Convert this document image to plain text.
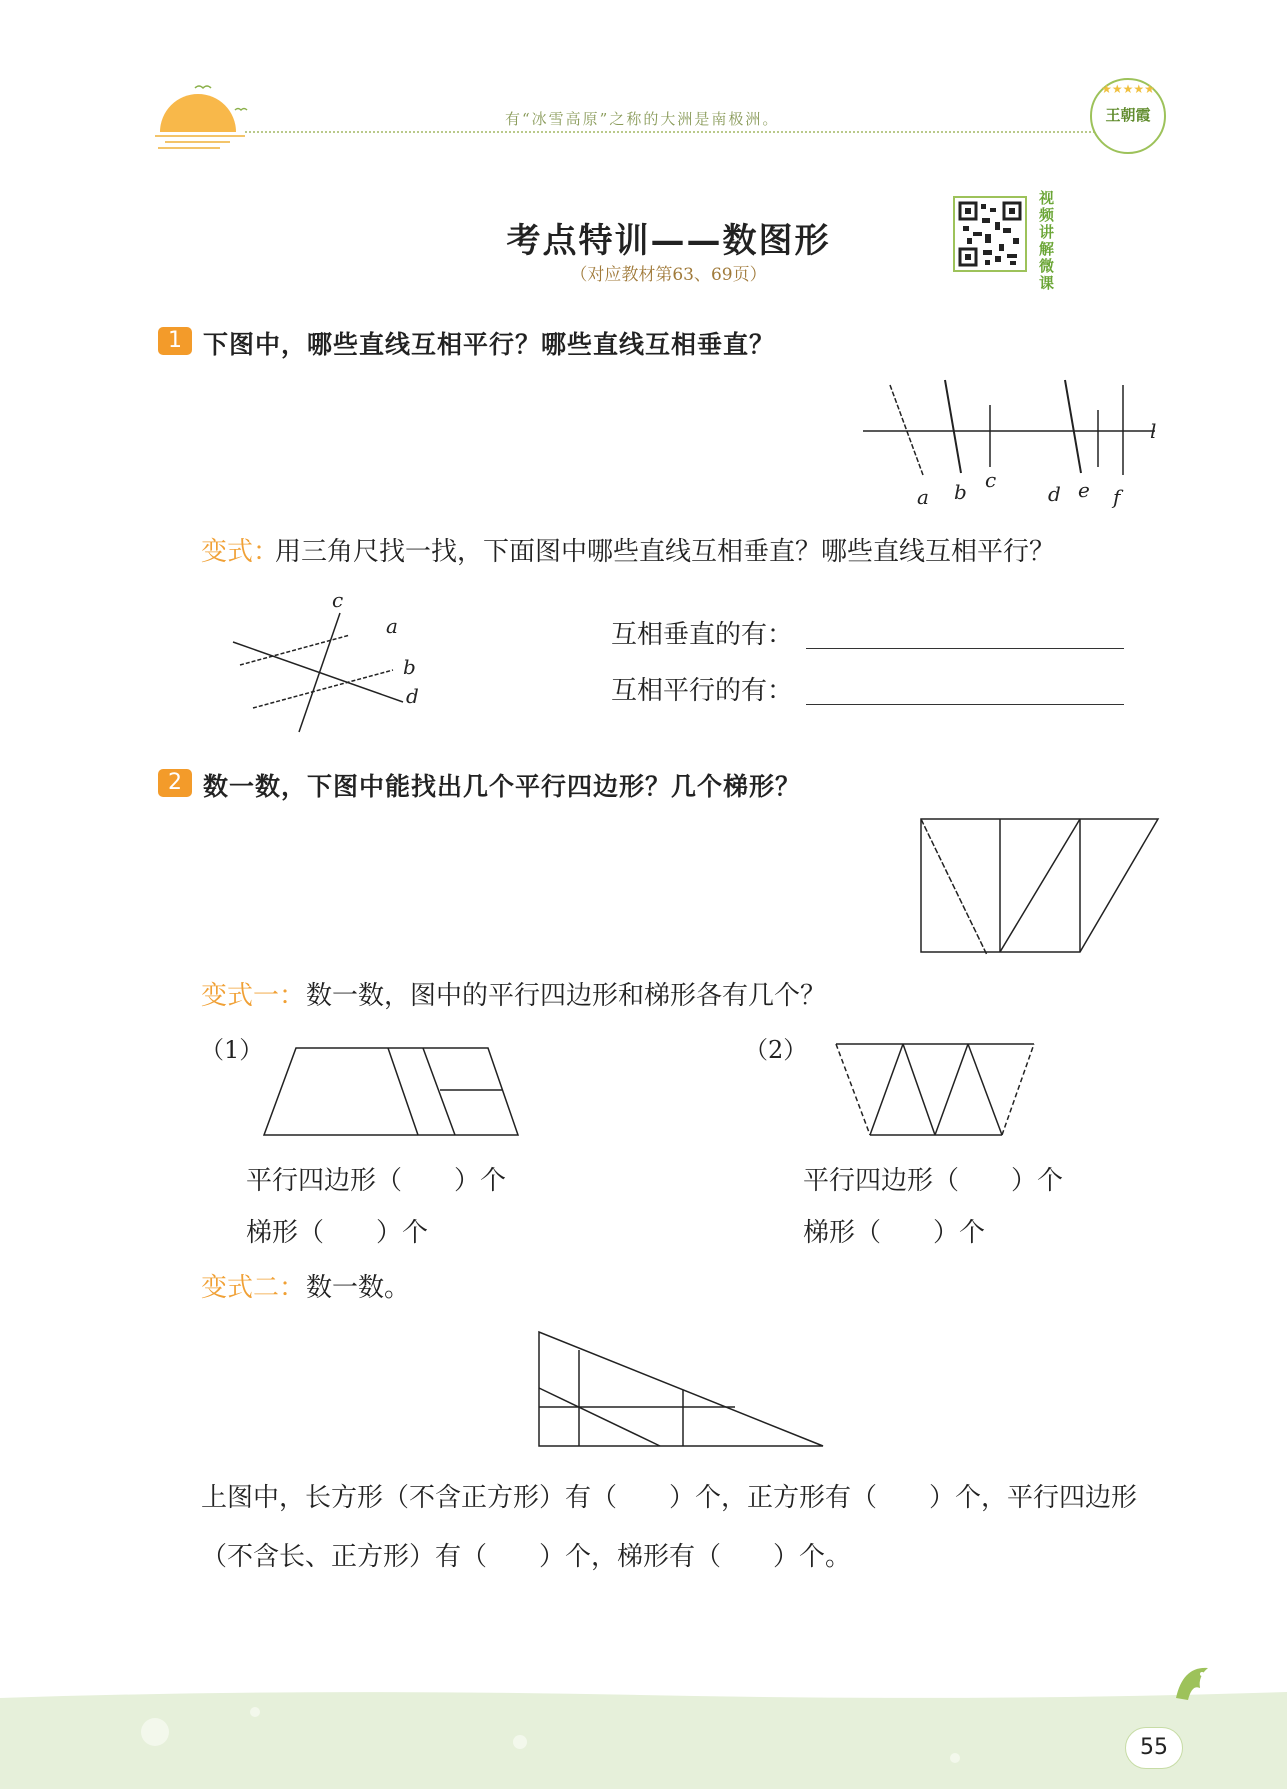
有“冰雪高原”之称的大洲是南极洲。
★★★★★
王朝霞
考点特训——数图形
（对应教材第63、69页）
视频讲解微课
1 下图中，哪些直线互相平行？哪些直线互相垂直？
a b c
d e f
l
变式：
用三角尺找一找，下面图中哪些直线互相垂直？哪些直线互相平行？
a
b
c
d
互相垂直的有：
互相平行的有：
2 数一数，下图中能找出几个平行四边形？几个梯形？
变式一： 数一数，图中的平行四边形和梯形各有几个？
（1）
平行四边形（　　）个
梯形（　　）个
（2）
平行四边形（　　）个
梯形（　　）个
变式二： 数一数。
上图中，长方形（不含正方形）有（　　）个，正方形有（　　）个，平行四边形
（不含长、正方形）有（　　）个，梯形有（　　）个。
55
